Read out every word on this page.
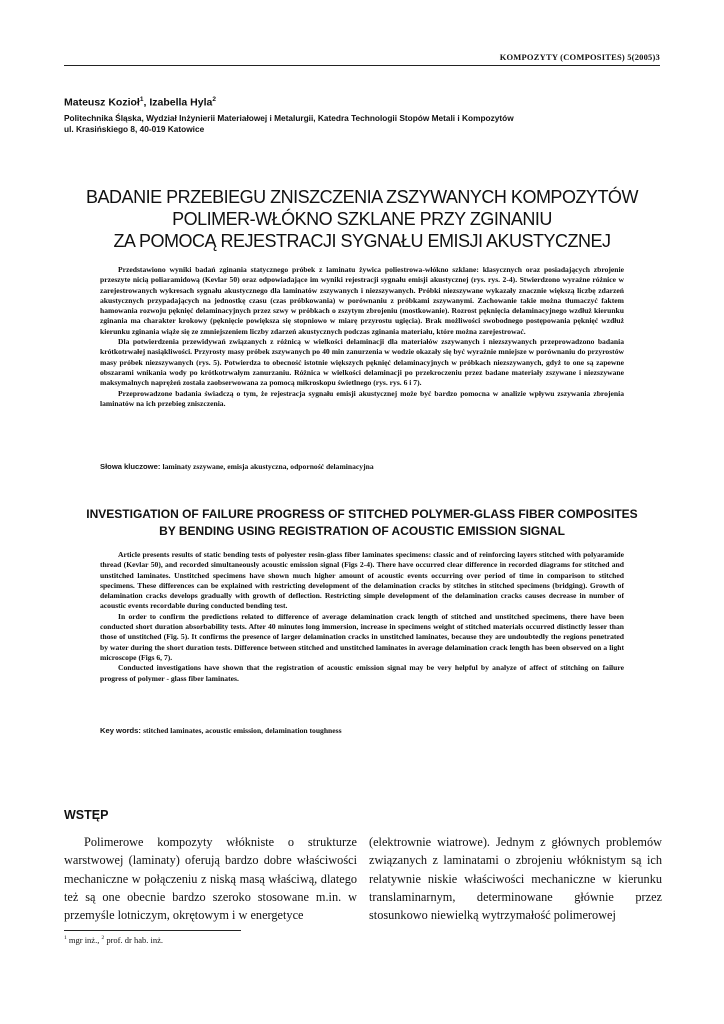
KOMPOZYTY (COMPOSITES) 5(2005)3
Mateusz Kozioł$^1$, Izabella Hyla$^2$
Politechnika Śląska, Wydział Inżynierii Materiałowej i Metalurgii, Katedra Technologii Stopów Metali i Kompozytów
ul. Krasińskiego 8, 40-019 Katowice
BADANIE PRZEBIEGU ZNISZCZENIA ZSZYWANYCH KOMPOZYTÓW
POLIMER-WŁÓKNO SZKLANE PRZY ZGINANIU
ZA POMOCĄ REJESTRACJI SYGNAŁU EMISJI AKUSTYCZNEJ

Przedstawiono wyniki badań zginania statycznego próbek z laminatu żywica poliestrowa-włókno szklane: klasycznych oraz posiadających zbrojenie przeszyte nicią poliaramidową (Kevlar 50) oraz odpowiadające im wyniki rejestracji sygnału emisji akustycznej (rys. rys. 2-4). Stwierdzono wyraźne różnice w zarejestrowanych wykresach sygnału akustycznego dla laminatów zszywanych i niezszywanych. Próbki niezszywane wykazały znacznie większą liczbę zdarzeń akustycznych przypadających na jednostkę czasu (czas próbkowania) w porównaniu z próbkami zszywanymi. Zachowanie takie można tłumaczyć faktem hamowania rozwoju pęknięć delaminacyjnych przez szwy w próbkach o zszytym zbrojeniu (mostkowanie). Rozrost pęknięcia delaminacyjnego wzdłuż kierunku zginania ma charakter krokowy (pęknięcie powiększa się stopniowo w miarę przyrostu ugięcia). Brak możliwości swobodnego postępowania pęknięć wzdłuż kierunku zginania wiąże się ze zmniejszeniem liczby zdarzeń akustycznych podczas zginania materiału, które można zarejestrować.

Dla potwierdzenia przewidywań związanych z różnicą w wielkości delaminacji dla materiałów zszywanych i niezszywanych przeprowadzono badania krótkotrwałej nasiąkliwości. Przyrosty masy próbek zszywanych po 40 min zanurzenia w wodzie okazały się być wyraźnie mniejsze w porównaniu do przyrostów masy próbek niezszywanych (rys. 5). Potwierdza to obecność istotnie większych pęknięć delaminacyjnych w próbkach niezszywanych, gdyż to one są zapewne obszarami wnikania wody po krótkotrwałym zanurzaniu. Różnica w wielkości delaminacji po przekroczeniu przez badane materiały zszywane i niezszywane maksymalnych naprężeń została zaobserwowana za pomocą mikroskopu świetlnego (rys. rys. 6 i 7).

Przeprowadzone badania świadczą o tym, że rejestracja sygnału emisji akustycznej może być bardzo pomocna w analizie wpływu zszywania zbrojenia laminatów na ich przebieg zniszczenia.

Słowa kluczowe: laminaty zszywane, emisja akustyczna, odporność delaminacyjna
INVESTIGATION OF FAILURE PROGRESS OF STITCHED POLYMER-GLASS FIBER COMPOSITES
BY BENDING USING REGISTRATION OF ACOUSTIC EMISSION SIGNAL

Article presents results of static bending tests of polyester resin-glass fiber laminates specimens: classic and of reinforcing layers stitched with polyaramide thread (Kevlar 50), and recorded simultaneously acoustic emission signal (Figs 2-4). There have occurred clear difference in recorded diagrams for stitched and unstitched laminates. Unstitched specimens have shown much higher amount of acoustic events occurring over period of time in comparison to stitched specimens. These differences can be explained with restricting development of the delamination cracks by stitches in stitched specimens (bridging). Growth of delamination cracks develops gradually with growth of deflection. Restricting simple development of the delamination cracks causes decrease in number of acoustic events recordable during conducted bending test.

In order to confirm the predictions related to difference of average delamination crack length of stitched and unstitched specimens, there have been conducted short duration absorbability tests. After 40 minutes long immersion, increase in specimens weight of stitched materials occurred distinctly lesser than those of unstitched (Fig. 5). It confirms the presence of larger delamination cracks in unstitched laminates, because they are undoubtedly the regions penetrated by water during the short duration tests. Difference between stitched and unstitched laminates in average delamination crack length has been observed on a light microscope (Figs 6, 7).

Conducted investigations have shown that the registration of acoustic emission signal may be very helpful by analyze of affect of stitching on failure progress of polymer - glass fiber laminates.

Key words: stitched laminates, acoustic emission, delamination toughness
WSTĘP
Polimerowe kompozyty włókniste o strukturze warstwowej (laminaty) oferują bardzo dobre właściwości mechaniczne w połączeniu z niską masą właściwą, dlatego też są one obecnie bardzo szeroko stosowane m.in. w przemyśle lotniczym, okrętowym i w energetyce
(elektrownie wiatrowe). Jednym z głównych problemów związanych z laminatami o zbrojeniu włóknistym są ich relatywnie niskie właściwości mechaniczne w kierunku translaminarnym, determinowane głównie przez stosunkowo niewielką wytrzymałość polimerowej
$^1$ mgr inż., $^2$ prof. dr hab. inż.
